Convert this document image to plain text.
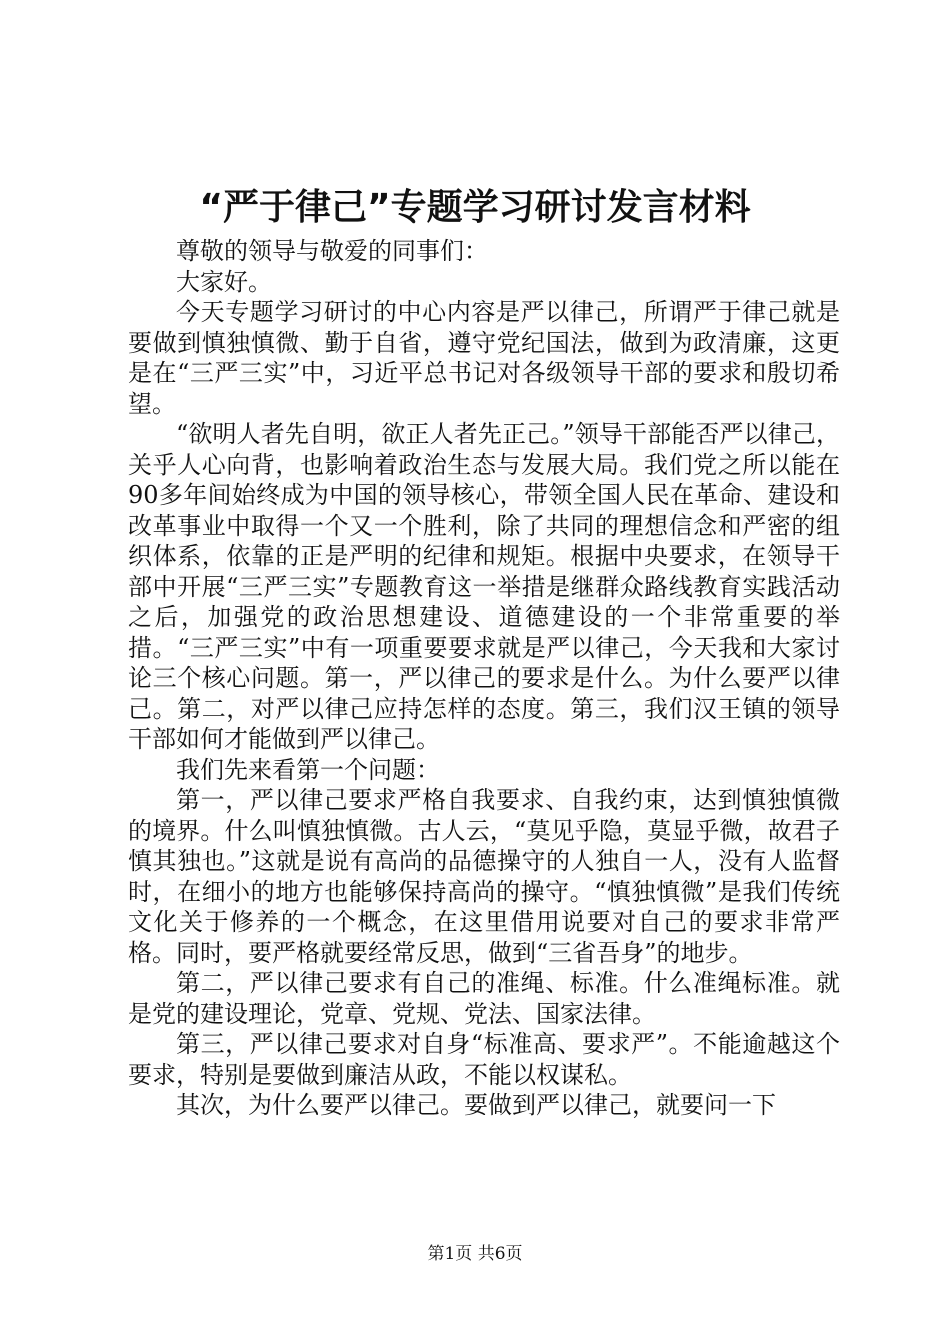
“严于律己”专题学习研讨发言材料

尊敬的领导与敬爱的同事们：

大家好。

今天专题学习研讨的中心内容是严以律己，所谓严于律己就是要做到慎独慎微、勤于自省，遵守党纪国法，做到为政清廉，这更是在“三严三实”中，习近平总书记对各级领导干部的要求和殷切希望。

“欲明人者先自明，欲正人者先正己。”领导干部能否严以律己，关乎人心向背，也影响着政治生态与发展大局。我们党之所以能在90多年间始终成为中国的领导核心，带领全国人民在革命、建设和改革事业中取得一个又一个胜利，除了共同的理想信念和严密的组织体系，依靠的正是严明的纪律和规矩。根据中央要求，在领导干部中开展“三严三实”专题教育这一举措是继群众路线教育实践活动之后，加强党的政治思想建设、道德建设的一个非常重要的举措。“三严三实”中有一项重要要求就是严以律己，今天我和大家讨论三个核心问题。第一，严以律己的要求是什么。为什么要严以律己。第二，对严以律己应持怎样的态度。第三，我们汉王镇的领导干部如何才能做到严以律己。

我们先来看第一个问题：

第一，严以律己要求严格自我要求、自我约束，达到慎独慎微的境界。什么叫慎独慎微。古人云，“莫见乎隐，莫显乎微，故君子慎其独也。”这就是说有高尚的品德操守的人独自一人，没有人监督时，在细小的地方也能够保持高尚的操守。“慎独慎微”是我们传统文化关于修养的一个概念，在这里借用说要对自己的要求非常严格。同时，要严格就要经常反思，做到“三省吾身”的地步。

第二，严以律己要求有自己的准绳、标准。什么准绳标准。就是党的建设理论，党章、党规、党法、国家法律。

第三，严以律己要求对自身“标准高、要求严”。不能逾越这个要求，特别是要做到廉洁从政，不能以权谋私。

其次，为什么要严以律己。要做到严以律己，就要问一下

第1页 共6页
